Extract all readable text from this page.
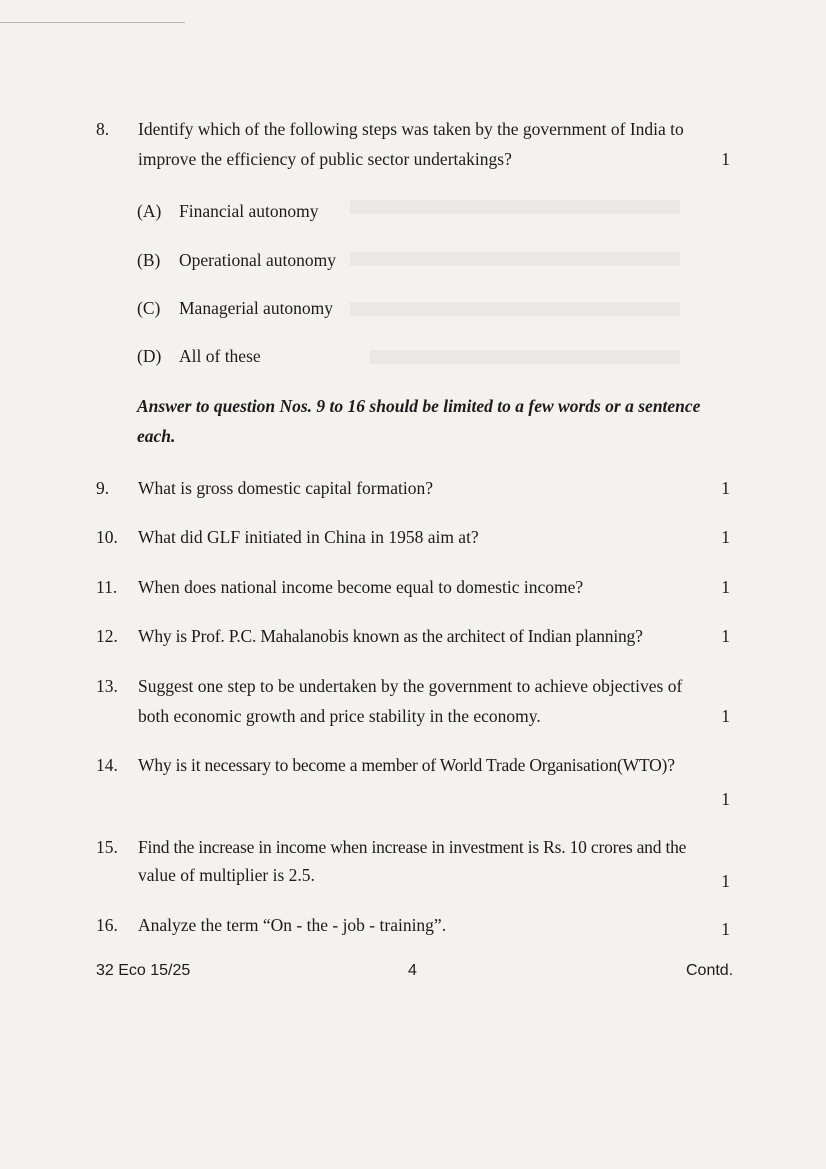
8. Identify which of the following steps was taken by the government of India to
improve the efficiency of public sector undertakings?	1
(A) Financial autonomy
(B) Operational autonomy
(C) Managerial autonomy
(D) All of these
Answer to question Nos. 9 to 16 should be limited to a few words or a sentence
each.
9. What is gross domestic capital formation?	1
10. What did GLF initiated in China in 1958 aim at?	1
11. When does national income become equal to domestic income?	1
12. Why is Prof. P.C. Mahalanobis known as the architect of Indian planning?	1
13. Suggest one step to be undertaken by the government to achieve objectives of
both economic growth and price stability in the economy.	1
14. Why is it necessary to become a member of World Trade Organisation(WTO)?
1
15. Find the increase in income when increase in investment is Rs. 10 crores and the
value of multiplier is 2.5.	1
16. Analyze the term “On - the - job - training”.	1
32 Eco 15/25	4	Contd.
